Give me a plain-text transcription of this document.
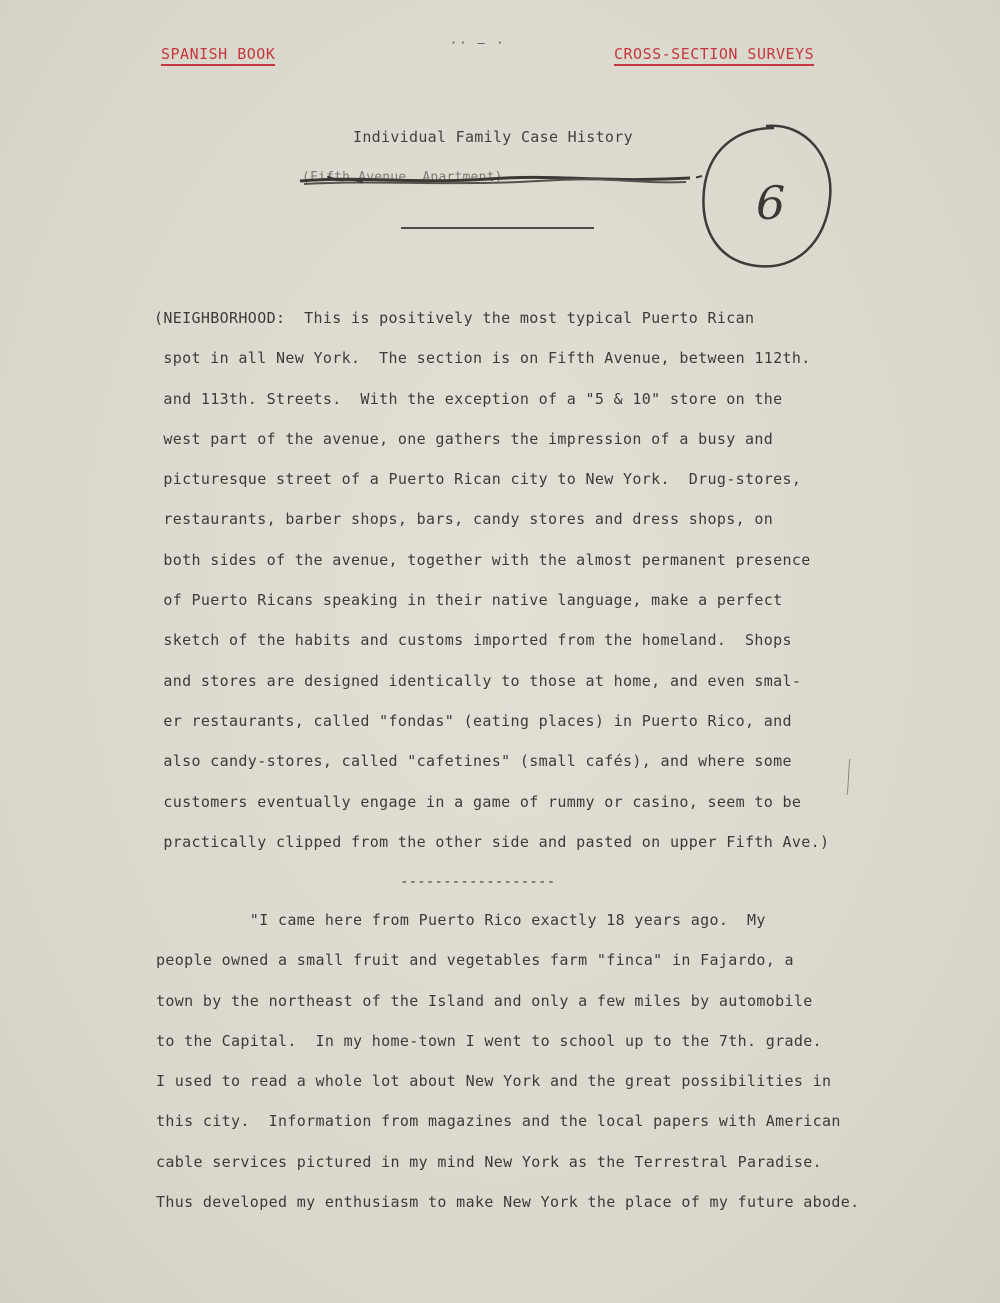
SPANISH BOOK
·· — ·
CROSS-SECTION SURVEYS
Individual Family Case History
(Fifth Avenue, Apartment)	6
(NEIGHBORHOOD:  This is positively the most typical Puerto Rican
spot in all New York.  The section is on Fifth Avenue, between 112th.
and 113th. Streets.  With the exception of a "5 & 10" store on the
west part of the avenue, one gathers the impression of a busy and
picturesque street of a Puerto Rican city to New York.  Drug-stores,
restaurants, barber shops, bars, candy stores and dress shops, on
both sides of the avenue, together with the almost permanent presence
of Puerto Ricans speaking in their native language, make a perfect
sketch of the habits and customs imported from the homeland.  Shops
and stores are designed identically to those at home, and even smal-
er restaurants, called "fondas" (eating places) in Puerto Rico, and
also candy-stores, called "cafetines" (small cafés), and where some
customers eventually engage in a game of rummy or casino, seem to be
practically clipped from the other side and pasted on upper Fifth Ave.)
------------------
"I came here from Puerto Rico exactly 18 years ago.  My
people owned a small fruit and vegetables farm "finca" in Fajardo, a
town by the northeast of the Island and only a few miles by automobile
to the Capital.  In my home-town I went to school up to the 7th. grade.
I used to read a whole lot about New York and the great possibilities in
this city.  Information from magazines and the local papers with American
cable services pictured in my mind New York as the Terrestral Paradise.
Thus developed my enthusiasm to make New York the place of my future abode.
